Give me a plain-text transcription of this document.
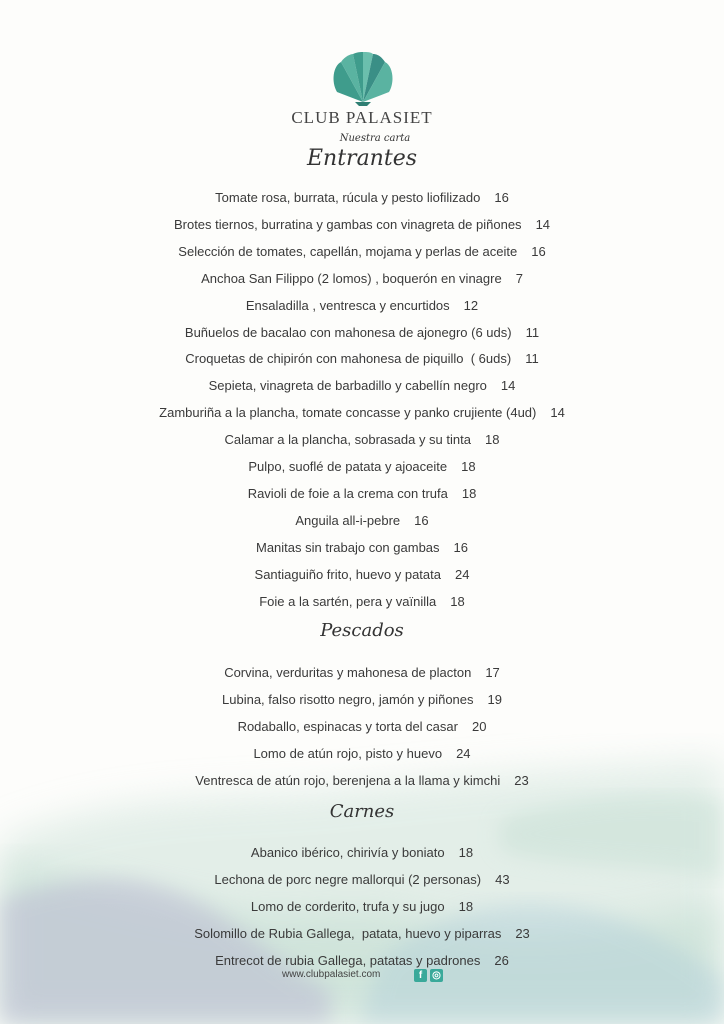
CLUB PALASIET
Nuestra carta
Entrantes
Tomate rosa, burrata, rúcula y pesto liofilizado 16
Brotes tiernos, burratina y gambas con vinagreta de piñones 14
Selección de tomates, capellán, mojama y perlas de aceite 16
Anchoa San Filippo (2 lomos) , boquerón en vinagre 7
Ensaladilla , ventresca y encurtidos 12
Buñuelos de bacalao con mahonesa de ajonegro (6 uds) 11
Croquetas de chipirón con mahonesa de piquillo  ( 6uds) 11
Sepieta, vinagreta de barbadillo y cabellín negro 14
Zamburiña a la plancha, tomate concasse y panko crujiente (4ud) 14
Calamar a la plancha, sobrasada y su tinta 18
Pulpo, suoflé de patata y ajoaceite 18
Ravioli de foie a la crema con trufa 18
Anguila all-i-pebre 16
Manitas sin trabajo con gambas 16
Santiaguiño frito, huevo y patata 24
Foie a la sartén, pera y vaïnilla 18
Pescados
Corvina, verduritas y mahonesa de placton 17
Lubina, falso risotto negro, jamón y piñones 19
Rodaballo, espinacas y torta del casar 20
Lomo de atún rojo, pisto y huevo 24
Ventresca de atún rojo, berenjena a la llama y kimchi 23
Carnes
Abanico ibérico, chirivía y boniato 18
Lechona de porc negre mallorqui (2 personas) 43
Lomo de corderito, trufa y su jugo 18
Solomillo de Rubia Gallega,  patata, huevo y piparras 23
Entrecot de rubia Gallega, patatas y padrones 26
www.clubpalasiet.com	f ◎
